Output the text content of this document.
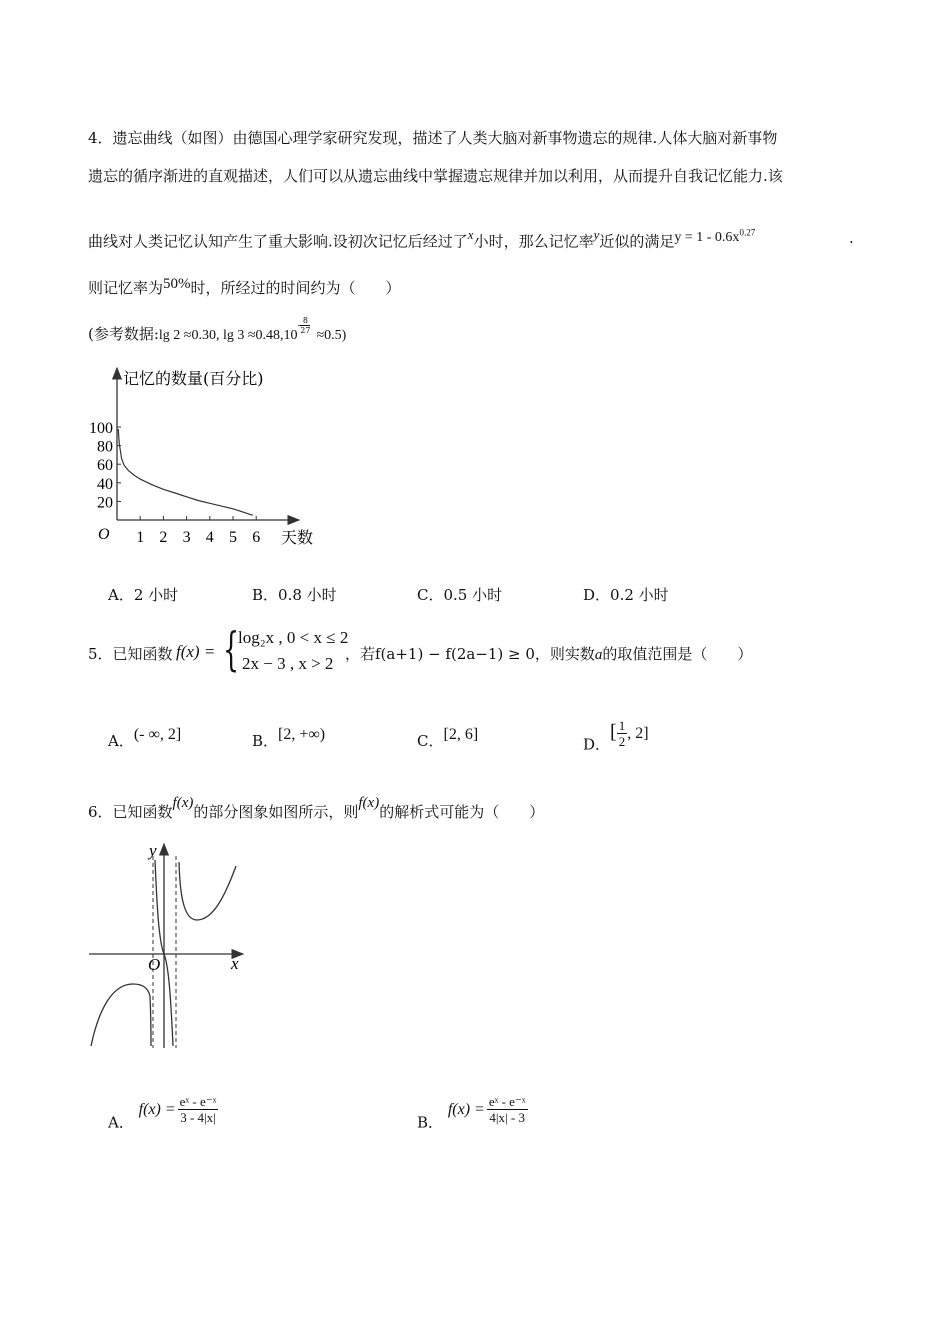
4．遗忘曲线（如图）由德国心理学家研究发现，描述了人类大脑对新事物遗忘的规律.人体大脑对新事物
遗忘的循序渐进的直观描述，人们可以从遗忘曲线中掌握遗忘规律并加以利用，从而提升自我记忆能力.该
曲线对人类记忆认知产生了重大影响.设初次记忆后经过了x小时，那么记忆率y近似的满足$y = 1 - 0.6x^{0.27}$	.
则记忆率为50%时，所经过的时间约为（　　）
(参考数据:lg 2 ≈0.30, $\lg 3 \approx 0.48,10- \frac{8}{27}$
≈0.5)
1 2 3 4 5 6
20
40
60
80
100
记忆的数量(百分比)
天数
O
A．2 小时	B．0.8 小时	C．0.5 小时	D．0.2 小时
5．已知函数 f(x) = {
log₂x , 0 < x ≤ 2
2x − 3 , x > 2 ，若f(a+1) − f(2a−1) ≥ 0，则实数a的取值范围是（　　）
A．(- ∞, 2]	B．[2, +∞)	C．[2, 6]
D．[ $\frac{1}{2}$ , 2]
6．已知函数f(x)的部分图象如图所示，则f(x)的解析式可能为（　　）
x
y
O
A．
$f(x) = \frac{\text{eˣ - e⁻ˣ}}{3 - 4|x|}$	B．
$f(x) = \frac{\text{eˣ - e⁻ˣ}}{4|x| - 3}$
